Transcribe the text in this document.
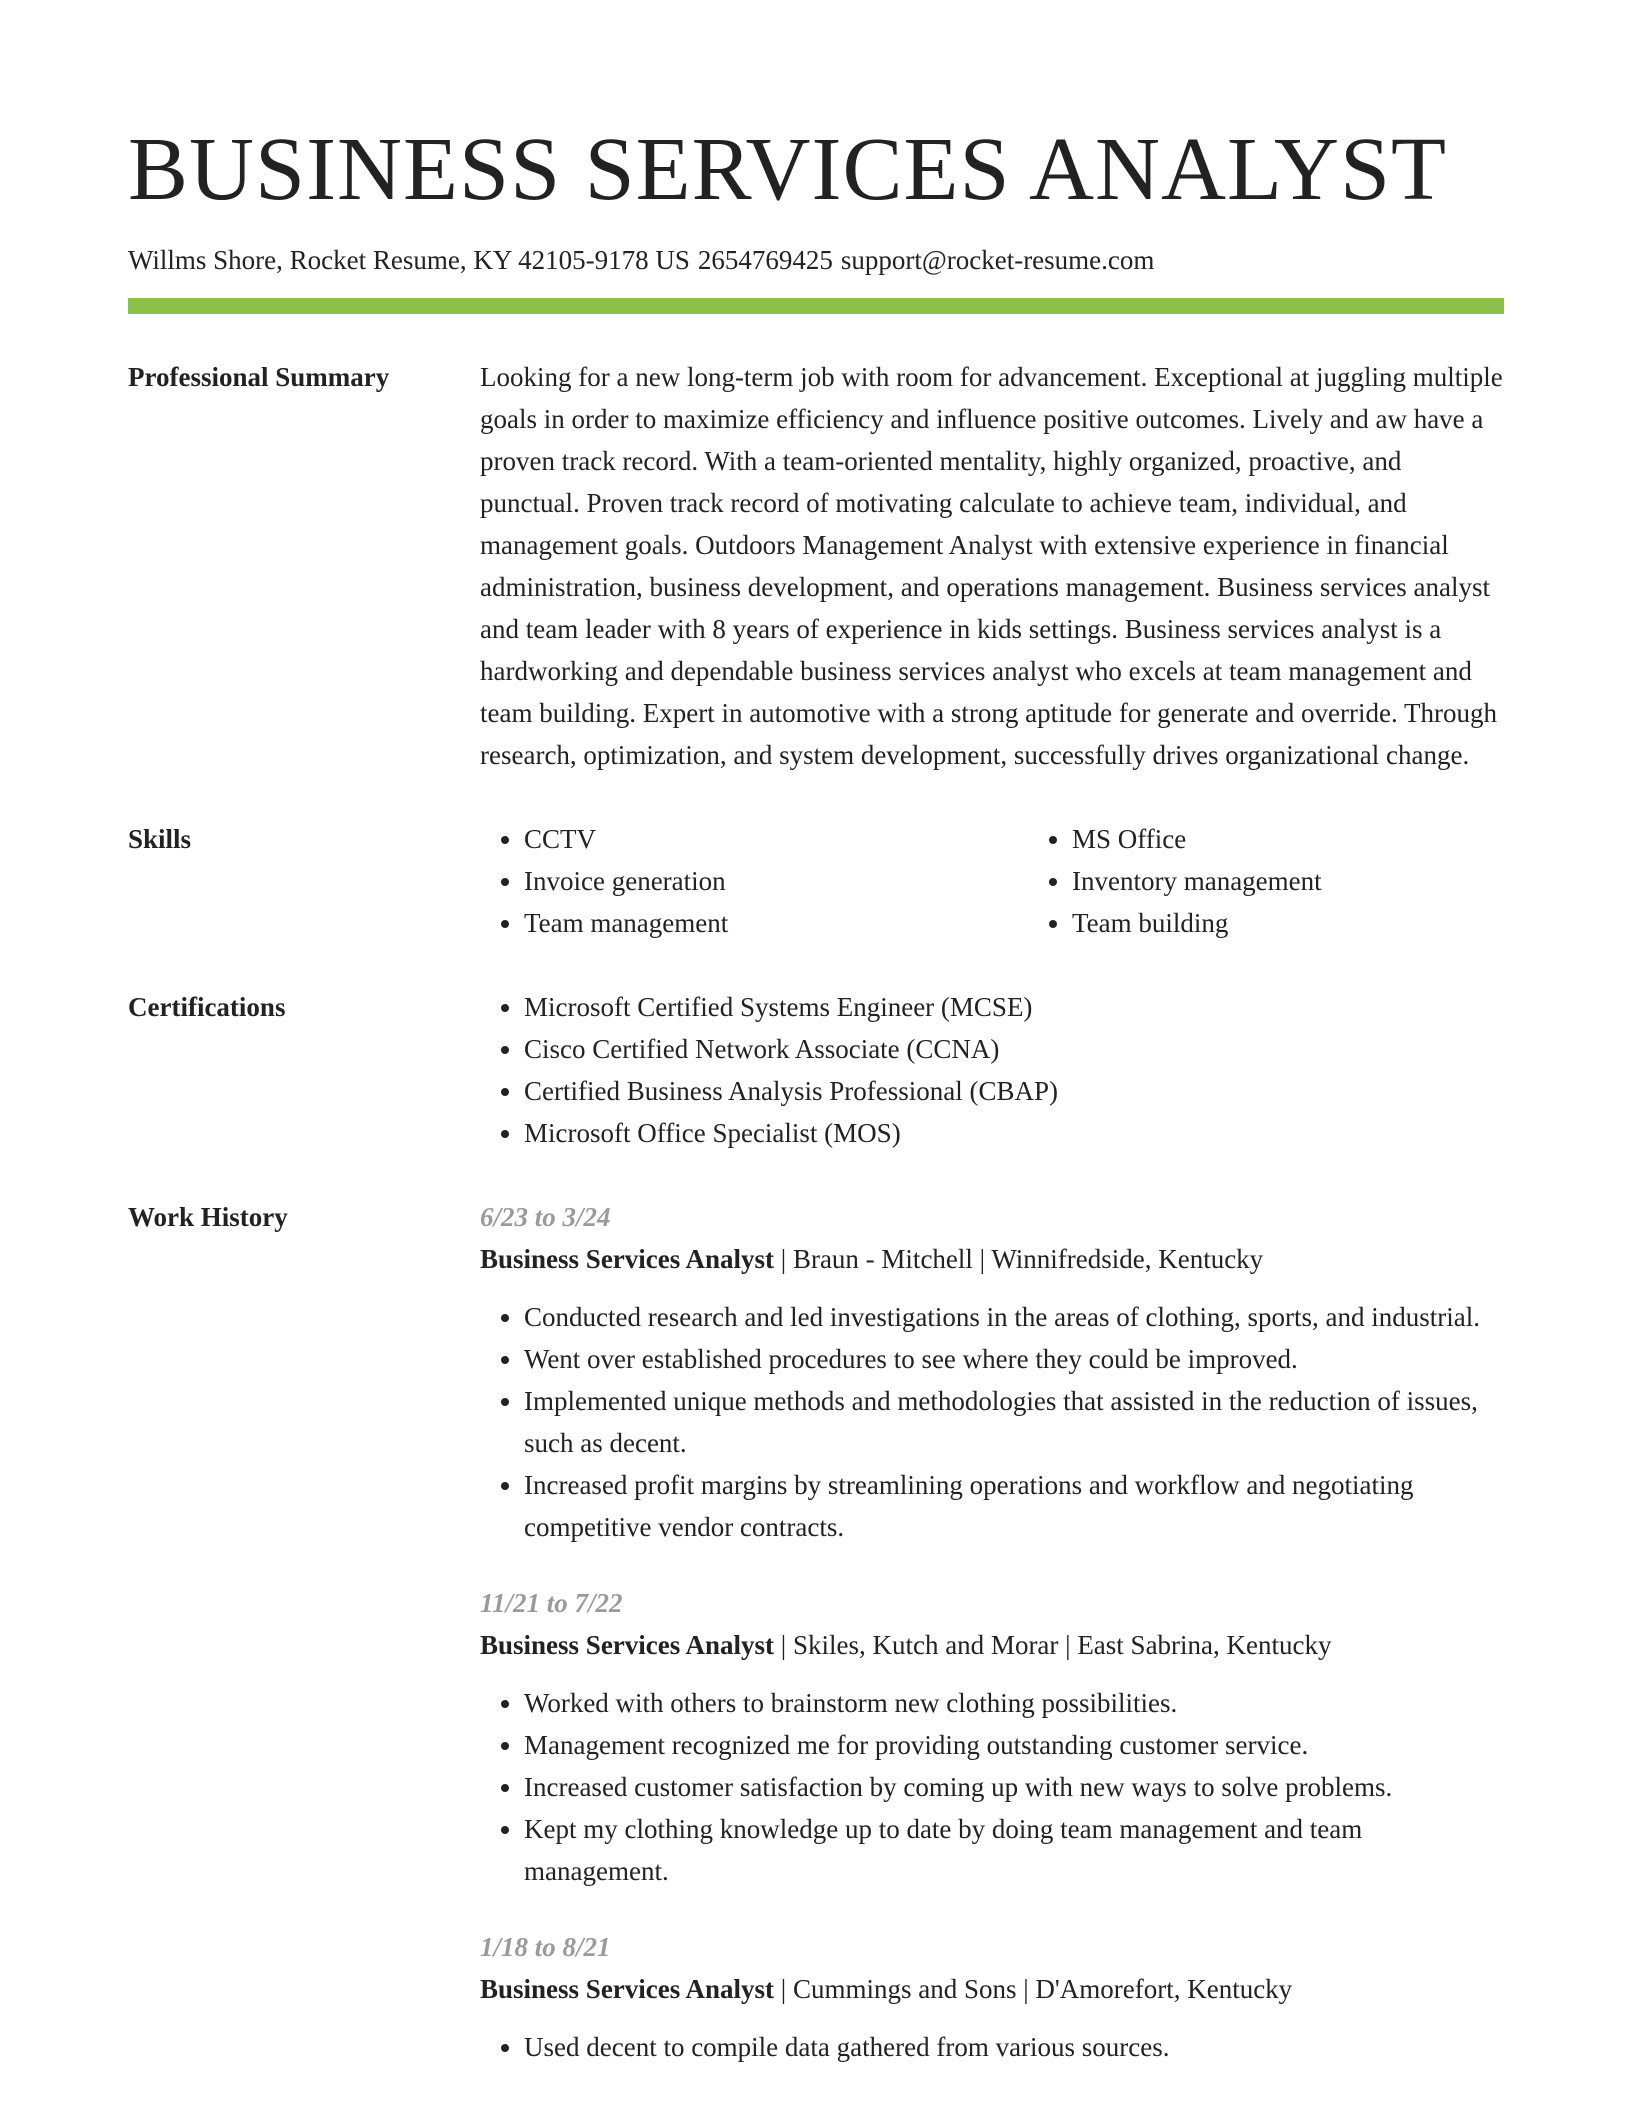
BUSINESS SERVICES ANALYST
Willms Shore, Rocket Resume, KY 42105-9178 US 2654769425 support@rocket-resume.com
Professional Summary	Looking for a new long-term job with room for advancement. Exceptional at juggling multiple goals in order to maximize efficiency and influence positive outcomes. Lively and aw have a proven track record. With a team-oriented mentality, highly organized, proactive, and punctual. Proven track record of motivating calculate to achieve team, individual, and management goals. Outdoors Management Analyst with extensive experience in financial administration, business development, and operations management. Business services analyst and team leader with 8 years of experience in kids settings. Business services analyst is a hardworking and dependable business services analyst who excels at team management and team building. Expert in automotive with a strong aptitude for generate and override. Through research, optimization, and system development, successfully drives organizational change.

Skills	• CCTV
• Invoice generation
• Team management
• MS Office
• Inventory management
• Team building
Certifications	• Microsoft Certified Systems Engineer (MCSE)
• Cisco Certified Network Associate (CCNA)
• Certified Business Analysis Professional (CBAP)
• Microsoft Office Specialist (MOS)
Work History	6/23 to 3/24
Business Services Analyst | Braun - Mitchell | Winnifredside, Kentucky
• Conducted research and led investigations in the areas of clothing, sports, and industrial.
• Went over established procedures to see where they could be improved.
• Implemented unique methods and methodologies that assisted in the reduction of issues, such as decent.
• Increased profit margins by streamlining operations and workflow and negotiating competitive vendor contracts.
11/21 to 7/22
Business Services Analyst | Skiles, Kutch and Morar | East Sabrina, Kentucky
• Worked with others to brainstorm new clothing possibilities.
• Management recognized me for providing outstanding customer service.
• Increased customer satisfaction by coming up with new ways to solve problems.
• Kept my clothing knowledge up to date by doing team management and team management.
1/18 to 8/21
Business Services Analyst | Cummings and Sons | D'Amorefort, Kentucky
• Used decent to compile data gathered from various sources.
